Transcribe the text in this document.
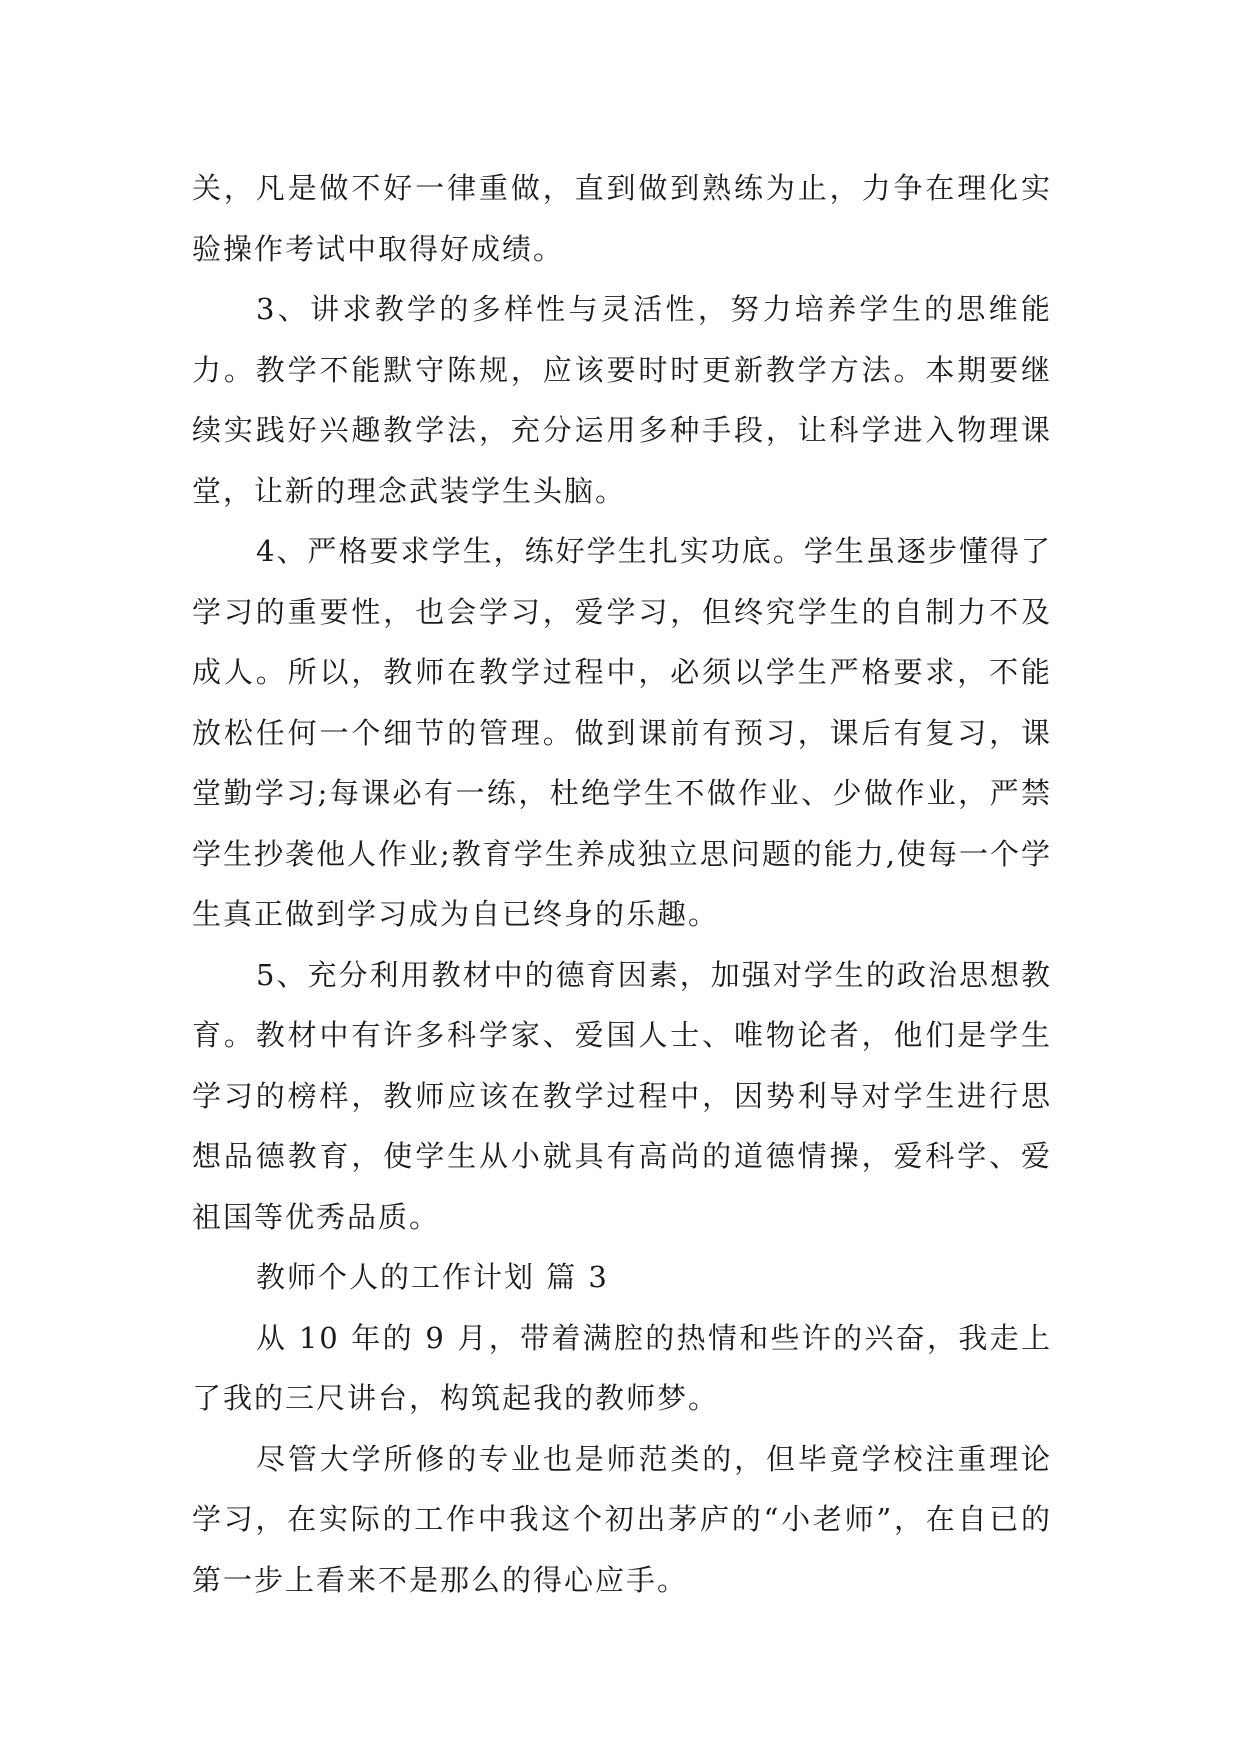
关，凡是做不好一律重做，直到做到熟练为止，力争在理化实验操作考试中取得好成绩。

3、讲求教学的多样性与灵活性，努力培养学生的思维能力。教学不能默守陈规，应该要时时更新教学方法。本期要继续实践好兴趣教学法，充分运用多种手段，让科学进入物理课堂，让新的理念武装学生头脑。

4、严格要求学生，练好学生扎实功底。学生虽逐步懂得了学习的重要性，也会学习，爱学习，但终究学生的自制力不及成人。所以，教师在教学过程中，必须以学生严格要求，不能放松任何一个细节的管理。做到课前有预习，课后有复习，课堂勤学习;每课必有一练，杜绝学生不做作业、少做作业，严禁学生抄袭他人作业;教育学生养成独立思问题的能力,使每一个学生真正做到学习成为自已终身的乐趣。

5、充分利用教材中的德育因素，加强对学生的政治思想教育。教材中有许多科学家、爱国人士、唯物论者，他们是学生学习的榜样，教师应该在教学过程中，因势利导对学生进行思想品德教育，使学生从小就具有高尚的道德情操，爱科学、爱祖国等优秀品质。

教师个人的工作计划 篇 3

从 10 年的 9 月，带着满腔的热情和些许的兴奋，我走上了我的三尺讲台，构筑起我的教师梦。

尽管大学所修的专业也是师范类的，但毕竟学校注重理论学习，在实际的工作中我这个初出茅庐的“小老师”，在自已的第一步上看来不是那么的得心应手。
